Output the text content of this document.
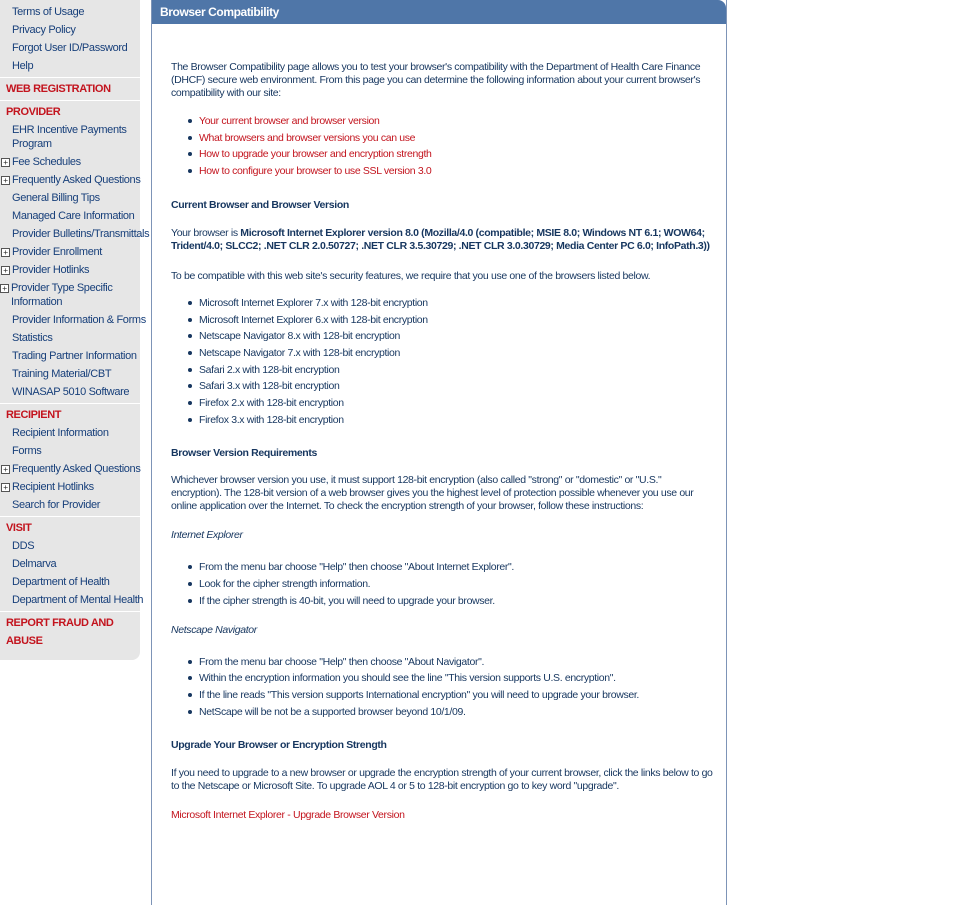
Terms of Usage
Privacy Policy
Forgot User ID/Password
Help
WEB REGISTRATION
PROVIDER
EHR Incentive Payments Program
+ Fee Schedules
+ Frequently Asked Questions
General Billing Tips
Managed Care Information
Provider Bulletins/Transmittals
+ Provider Enrollment
+ Provider Hotlinks
+ Provider Type Specific Information
Provider Information & Forms
Statistics
Trading Partner Information
Training Material/CBT
WINASAP 5010 Software
RECIPIENT
Recipient Information
Forms
+ Frequently Asked Questions
+ Recipient Hotlinks
Search for Provider
VISIT
DDS
Delmarva
Department of Health
Department of Mental Health
REPORT FRAUD AND ABUSE
Browser Compatibility

The Browser Compatibility page allows you to test your browser's compatibility with the Department of Health Care Finance (DHCF) secure web environment. From this page you can determine the following information about your current browser's compatibility with our site:

Your current browser and browser version
What browsers and browser versions you can use
How to upgrade your browser and encryption strength
How to configure your browser to use SSL version 3.0
Current Browser and Browser Version

Your browser is Microsoft Internet Explorer version 8.0 (Mozilla/4.0 (compatible; MSIE 8.0; Windows NT 6.1; WOW64; Trident/4.0; SLCC2; .NET CLR 2.0.50727; .NET CLR 3.5.30729; .NET CLR 3.0.30729; Media Center PC 6.0; InfoPath.3))

To be compatible with this web site's security features, we require that you use one of the browsers listed below.

Microsoft Internet Explorer 7.x with 128-bit encryption
Microsoft Internet Explorer 6.x with 128-bit encryption
Netscape Navigator 8.x with 128-bit encryption
Netscape Navigator 7.x with 128-bit encryption
Safari 2.x with 128-bit encryption
Safari 3.x with 128-bit encryption
Firefox 2.x with 128-bit encryption
Firefox 3.x with 128-bit encryption
Browser Version Requirements

Whichever browser version you use, it must support 128-bit encryption (also called "strong" or "domestic" or "U.S." encryption). The 128-bit version of a web browser gives you the highest level of protection possible whenever you use our online application over the Internet. To check the encryption strength of your browser, follow these instructions:

Internet Explorer

From the menu bar choose "Help" then choose "About Internet Explorer".
Look for the cipher strength information.
If the cipher strength is 40-bit, you will need to upgrade your browser.

Netscape Navigator

From the menu bar choose "Help" then choose "About Navigator".
Within the encryption information you should see the line "This version supports U.S. encryption".
If the line reads "This version supports International encryption" you will need to upgrade your browser.
NetScape will be not be a supported browser beyond 10/1/09.
Upgrade Your Browser or Encryption Strength

If you need to upgrade to a new browser or upgrade the encryption strength of your current browser, click the links below to go to the Netscape or Microsoft Site. To upgrade AOL 4 or 5 to 128-bit encryption go to key word "upgrade".

Microsoft Internet Explorer - Upgrade Browser Version
